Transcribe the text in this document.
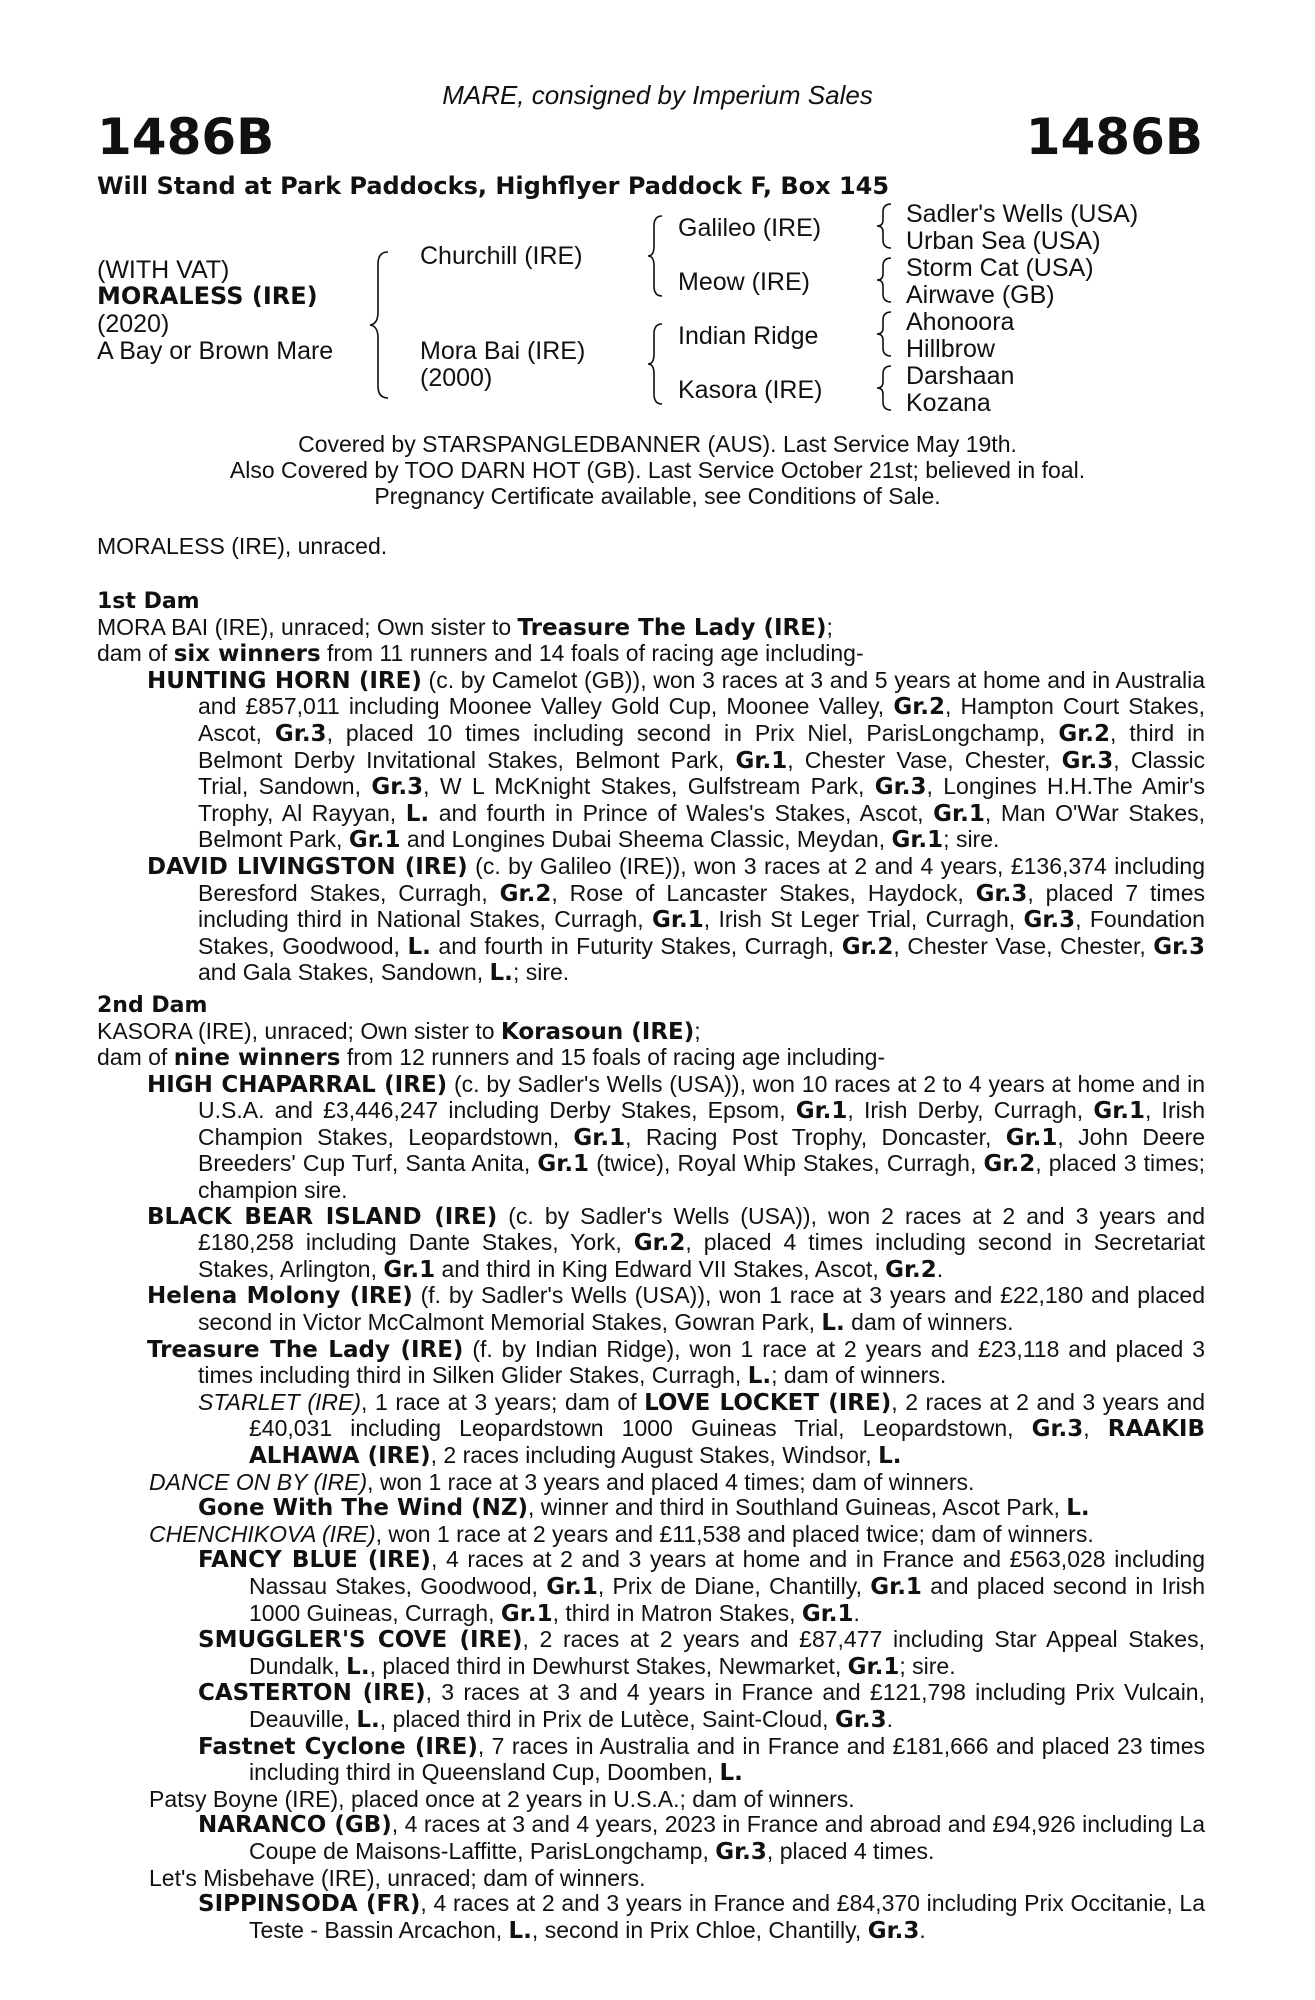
MARE, consigned by Imperium Sales
1486B	1486B
Will Stand at Park Paddocks, Highflyer Paddock F, Box 145
(WITH VAT)
MORALESS (IRE)
(2020)
A Bay or Brown Mare
Churchill (IRE)
Mora Bai (IRE)
(2000)
Galileo (IRE)
Meow (IRE)
Indian Ridge
Kasora (IRE)
Sadler's Wells (USA)
Urban Sea (USA)
Storm Cat (USA)
Airwave (GB)
Ahonoora
Hillbrow
Darshaan
Kozana
Covered by STARSPANGLEDBANNER (AUS). Last Service May 19th.
Also Covered by TOO DARN HOT (GB). Last Service October 21st; believed in foal.
Pregnancy Certificate available, see Conditions of Sale.
MORALESS (IRE), unraced.

1st Dam

MORA BAI (IRE), unraced; Own sister to Treasure The Lady (IRE);

dam of six winners from 11 runners and 14 foals of racing age including-

HUNTING HORN (IRE) (c. by Camelot (GB)), won 3 races at 3 and 5 years at home and in Australia and £857,011 including Moonee Valley Gold Cup, Moonee Valley, Gr.2, Hampton Court Stakes, Ascot, Gr.3, placed 10 times including second in Prix Niel, ParisLongchamp, Gr.2, third in Belmont Derby Invitational Stakes, Belmont Park, Gr.1, Chester Vase, Chester, Gr.3, Classic Trial, Sandown, Gr.3, W L McKnight Stakes, Gulfstream Park, Gr.3, Longines H.H.The Amir's Trophy, Al Rayyan, L. and fourth in Prince of Wales's Stakes, Ascot, Gr.1, Man O'War Stakes, Belmont Park, Gr.1 and Longines Dubai Sheema Classic, Meydan, Gr.1; sire.

DAVID LIVINGSTON (IRE) (c. by Galileo (IRE)), won 3 races at 2 and 4 years, £136,374 including Beresford Stakes, Curragh, Gr.2, Rose of Lancaster Stakes, Haydock, Gr.3, placed 7 times including third in National Stakes, Curragh, Gr.1, Irish St Leger Trial, Curragh, Gr.3, Foundation Stakes, Goodwood, L. and fourth in Futurity Stakes, Curragh, Gr.2, Chester Vase, Chester, Gr.3 and Gala Stakes, Sandown, L.; sire.

2nd Dam

KASORA (IRE), unraced; Own sister to Korasoun (IRE);

dam of nine winners from 12 runners and 15 foals of racing age including-

HIGH CHAPARRAL (IRE) (c. by Sadler's Wells (USA)), won 10 races at 2 to 4 years at home and in U.S.A. and £3,446,247 including Derby Stakes, Epsom, Gr.1, Irish Derby, Curragh, Gr.1, Irish Champion Stakes, Leopardstown, Gr.1, Racing Post Trophy, Doncaster, Gr.1, John Deere Breeders' Cup Turf, Santa Anita, Gr.1 (twice), Royal Whip Stakes, Curragh, Gr.2, placed 3 times; champion sire.

BLACK BEAR ISLAND (IRE) (c. by Sadler's Wells (USA)), won 2 races at 2 and 3 years and £180,258 including Dante Stakes, York, Gr.2, placed 4 times including second in Secretariat Stakes, Arlington, Gr.1 and third in King Edward VII Stakes, Ascot, Gr.2.

Helena Molony (IRE) (f. by Sadler's Wells (USA)), won 1 race at 3 years and £22,180 and placed second in Victor McCalmont Memorial Stakes, Gowran Park, L. dam of winners.

Treasure The Lady (IRE) (f. by Indian Ridge), won 1 race at 2 years and £23,118 and placed 3 times including third in Silken Glider Stakes, Curragh, L.; dam of winners.

STARLET (IRE), 1 race at 3 years; dam of LOVE LOCKET (IRE), 2 races at 2 and 3 years and £40,031 including Leopardstown 1000 Guineas Trial, Leopardstown, Gr.3, RAAKIB ALHAWA (IRE), 2 races including August Stakes, Windsor, L.

DANCE ON BY (IRE), won 1 race at 3 years and placed 4 times; dam of winners.

Gone With The Wind (NZ), winner and third in Southland Guineas, Ascot Park, L.

CHENCHIKOVA (IRE), won 1 race at 2 years and £11,538 and placed twice; dam of winners.

FANCY BLUE (IRE), 4 races at 2 and 3 years at home and in France and £563,028 including Nassau Stakes, Goodwood, Gr.1, Prix de Diane, Chantilly, Gr.1 and placed second in Irish 1000 Guineas, Curragh, Gr.1, third in Matron Stakes, Gr.1.

SMUGGLER'S COVE (IRE), 2 races at 2 years and £87,477 including Star Appeal Stakes, Dundalk, L., placed third in Dewhurst Stakes, Newmarket, Gr.1; sire.

CASTERTON (IRE), 3 races at 3 and 4 years in France and £121,798 including Prix Vulcain, Deauville, L., placed third in Prix de Lutèce, Saint-Cloud, Gr.3.

Fastnet Cyclone (IRE), 7 races in Australia and in France and £181,666 and placed 23 times including third in Queensland Cup, Doomben, L.

Patsy Boyne (IRE), placed once at 2 years in U.S.A.; dam of winners.

NARANCO (GB), 4 races at 3 and 4 years, 2023 in France and abroad and £94,926 including La Coupe de Maisons-Laffitte, ParisLongchamp, Gr.3, placed 4 times.

Let's Misbehave (IRE), unraced; dam of winners.

SIPPINSODA (FR), 4 races at 2 and 3 years in France and £84,370 including Prix Occitanie, La Teste - Bassin Arcachon, L., second in Prix Chloe, Chantilly, Gr.3.
